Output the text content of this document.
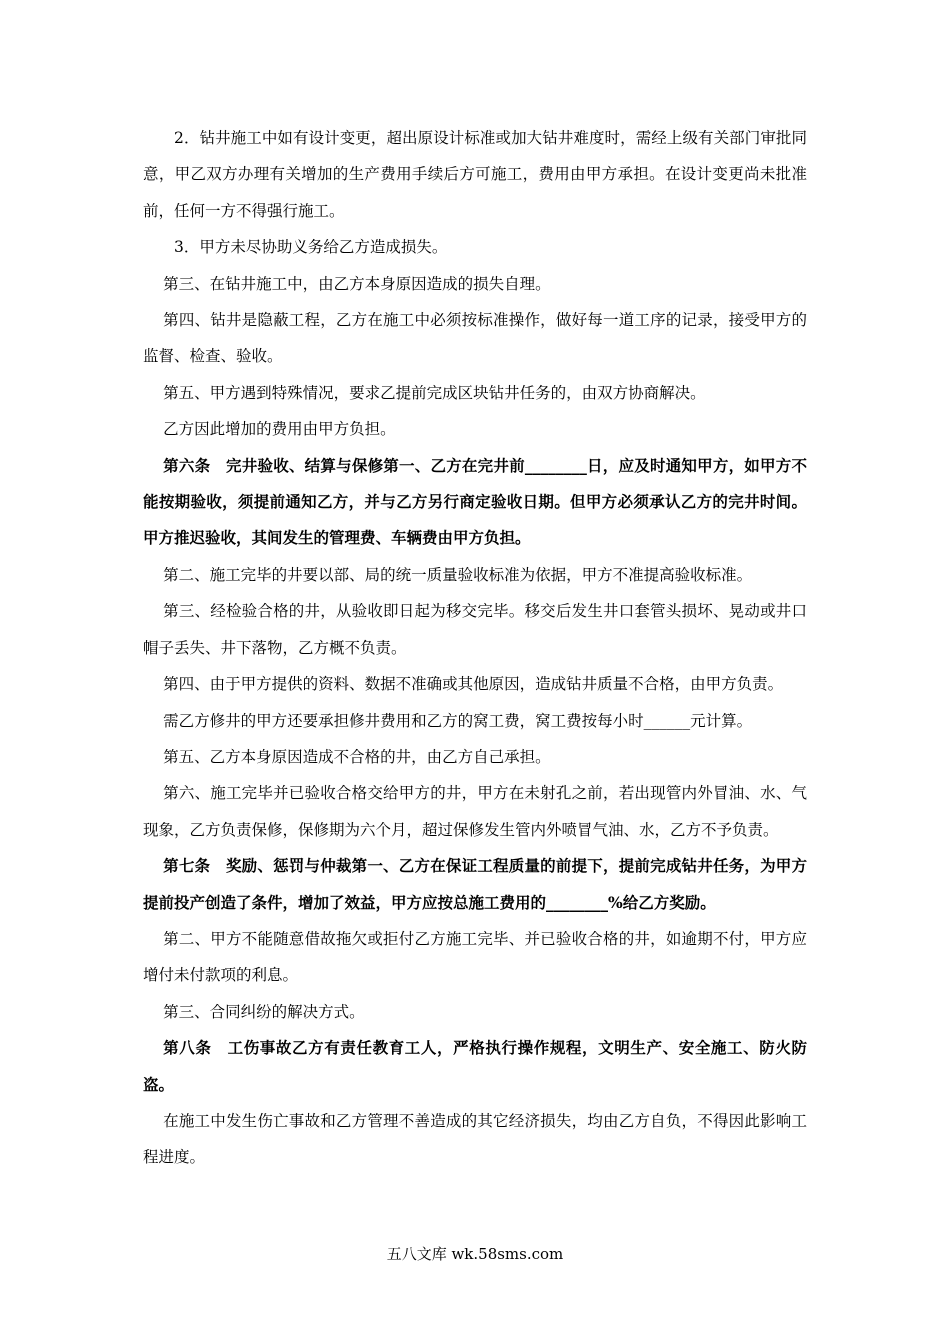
2．钻井施工中如有设计变更，超出原设计标准或加大钻井难度时，需经上级有关部门审批同意，甲乙双方办理有关增加的生产费用手续后方可施工，费用由甲方承担。在设计变更尚未批准前，任何一方不得强行施工。

3．甲方未尽协助义务给乙方造成损失。

第三、在钻井施工中，由乙方本身原因造成的损失自理。

第四、钻井是隐蔽工程，乙方在施工中必须按标准操作，做好每一道工序的记录，接受甲方的监督、检查、验收。

第五、甲方遇到特殊情况，要求乙提前完成区块钻井任务的，由双方协商解决。

乙方因此增加的费用由甲方负担。

第六条　完井验收、结算与保修第一、乙方在完井前________日，应及时通知甲方，如甲方不能按期验收，须提前通知乙方，并与乙方另行商定验收日期。但甲方必须承认乙方的完井时间。甲方推迟验收，其间发生的管理费、车辆费由甲方负担。

第二、施工完毕的井要以部、局的统一质量验收标准为依据，甲方不准提高验收标准。

第三、经检验合格的井，从验收即日起为移交完毕。移交后发生井口套管头损坏、晃动或井口帽子丢失、井下落物，乙方概不负责。

第四、由于甲方提供的资料、数据不准确或其他原因，造成钻井质量不合格，由甲方负责。

需乙方修井的甲方还要承担修井费用和乙方的窝工费，窝工费按每小时______元计算。

第五、乙方本身原因造成不合格的井，由乙方自己承担。

第六、施工完毕并已验收合格交给甲方的井，甲方在未射孔之前，若出现管内外冒油、水、气现象，乙方负责保修，保修期为六个月，超过保修发生管内外喷冒气油、水，乙方不予负责。

第七条　奖励、惩罚与仲裁第一、乙方在保证工程质量的前提下，提前完成钻井任务，为甲方提前投产创造了条件，增加了效益，甲方应按总施工费用的________%给乙方奖励。

第二、甲方不能随意借故拖欠或拒付乙方施工完毕、并已验收合格的井，如逾期不付，甲方应增付未付款项的利息。

第三、合同纠纷的解决方式。

第八条　工伤事故乙方有责任教育工人，严格执行操作规程，文明生产、安全施工、防火防盗。

在施工中发生伤亡事故和乙方管理不善造成的其它经济损失，均由乙方自负，不得因此影响工程进度。

五八文库 wk.58sms.com
